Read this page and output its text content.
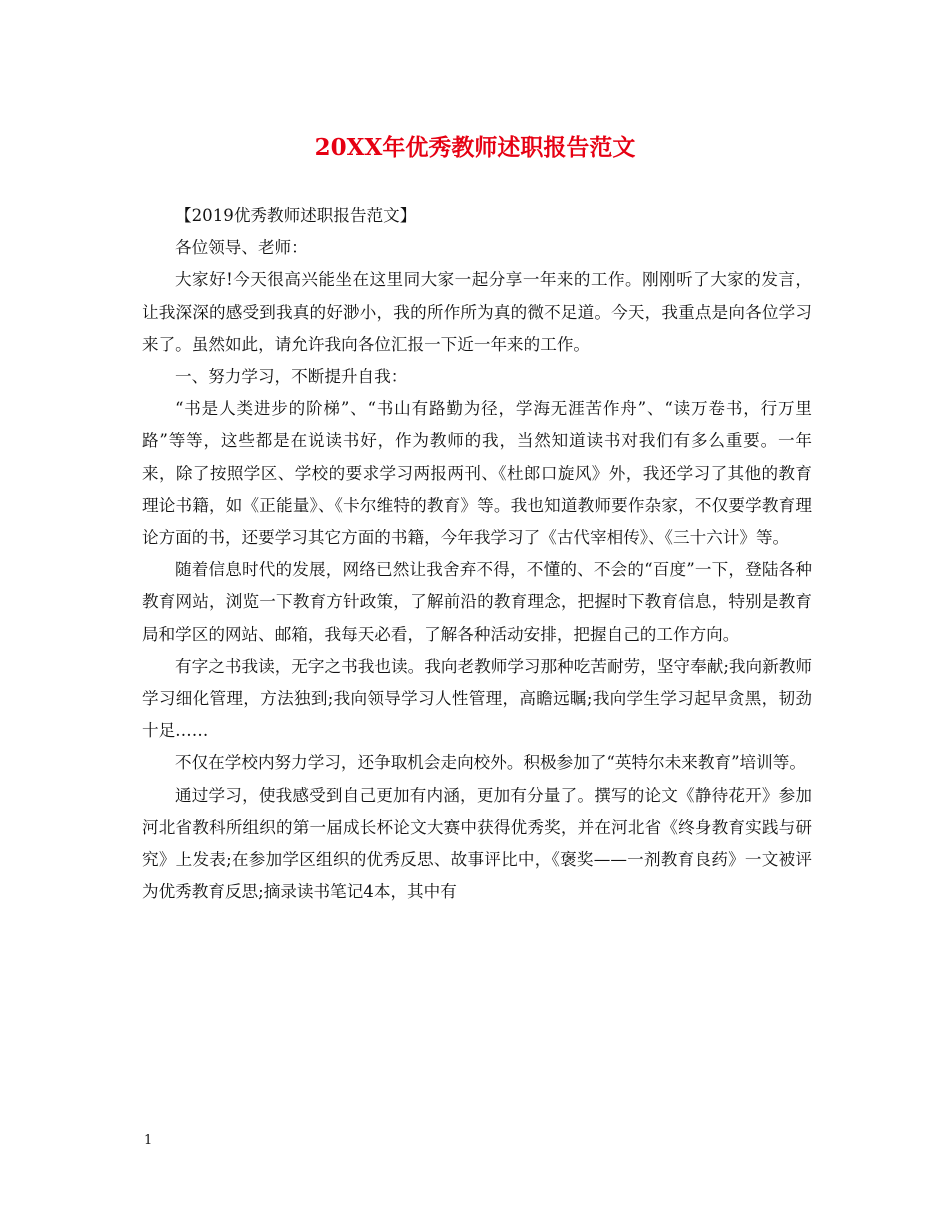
20XX年优秀教师述职报告范文

【2019优秀教师述职报告范文】

各位领导、老师：

大家好!今天很高兴能坐在这里同大家一起分享一年来的工作。刚刚听了大家的发言，让我深深的感受到我真的好渺小，我的所作所为真的微不足道。今天，我重点是向各位学习来了。虽然如此，请允许我向各位汇报一下近一年来的工作。

一、努力学习，不断提升自我：

“书是人类进步的阶梯”、“书山有路勤为径，学海无涯苦作舟”、“读万卷书，行万里路”等等，这些都是在说读书好，作为教师的我，当然知道读书对我们有多么重要。一年来，除了按照学区、学校的要求学习两报两刊、《杜郎口旋风》外，我还学习了其他的教育理论书籍，如《正能量》、《卡尔维特的教育》等。我也知道教师要作杂家，不仅要学教育理论方面的书，还要学习其它方面的书籍，今年我学习了《古代宰相传》、《三十六计》等。

随着信息时代的发展，网络已然让我舍弃不得，不懂的、不会的“百度”一下，登陆各种教育网站，浏览一下教育方针政策，了解前沿的教育理念，把握时下教育信息，特别是教育局和学区的网站、邮箱，我每天必看，了解各种活动安排，把握自己的工作方向。

有字之书我读，无字之书我也读。我向老教师学习那种吃苦耐劳，坚守奉献;我向新教师学习细化管理，方法独到;我向领导学习人性管理，高瞻远瞩;我向学生学习起早贪黑，韧劲十足……

不仅在学校内努力学习，还争取机会走向校外。积极参加了“英特尔未来教育”培训等。

通过学习，使我感受到自己更加有内涵，更加有分量了。撰写的论文《静待花开》参加河北省教科所组织的第一届成长杯论文大赛中获得优秀奖，并在河北省《终身教育实践与研究》上发表;在参加学区组织的优秀反思、故事评比中，《褒奖——一剂教育良药》一文被评为优秀教育反思;摘录读书笔记4本，其中有

1
